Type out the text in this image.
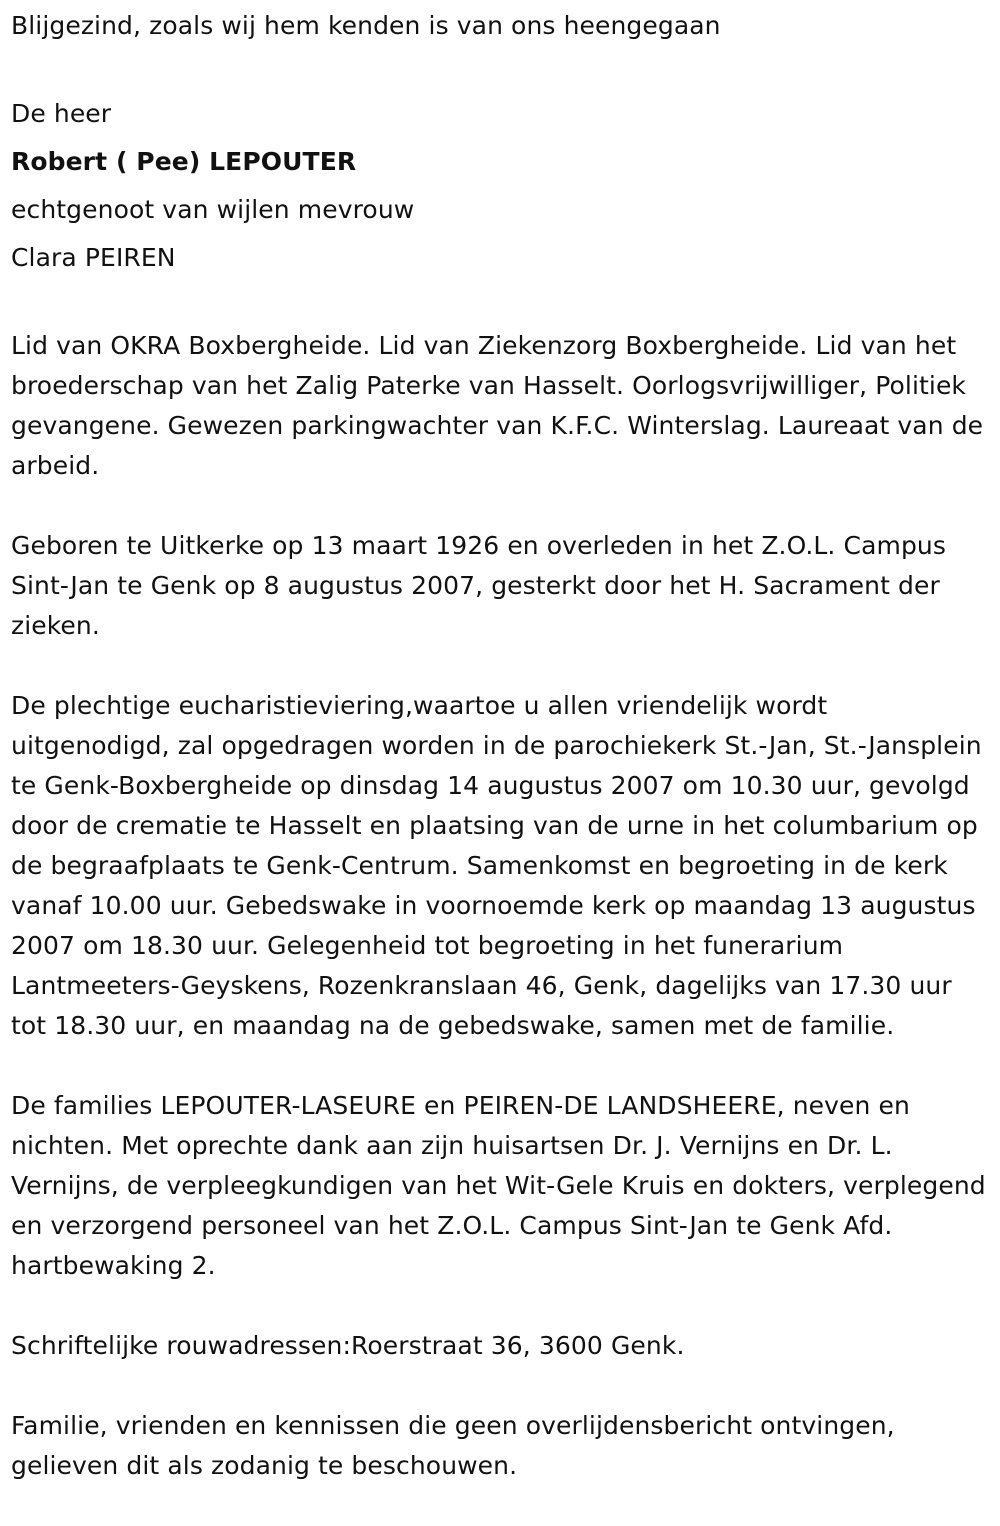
Blijgezind, zoals wij hem kenden is van ons heengegaan

De heer

Robert ( Pee) LEPOUTER

echtgenoot van wijlen mevrouw

Clara PEIREN

Lid van OKRA Boxbergheide. Lid van Ziekenzorg Boxbergheide. Lid van het broederschap van het Zalig Paterke van Hasselt. Oorlogsvrijwilliger, Politiek gevangene. Gewezen parkingwachter van K.F.C. Winterslag. Laureaat van de arbeid.

Geboren te Uitkerke op 13 maart 1926 en overleden in het Z.O.L. Campus Sint-Jan te Genk op 8 augustus 2007, gesterkt door het H. Sacrament der zieken.

De plechtige eucharistieviering,waartoe u allen vriendelijk wordt uitgenodigd, zal opgedragen worden in de parochiekerk St.-Jan, St.-Jansplein te Genk-Boxbergheide op dinsdag 14 augustus 2007 om 10.30 uur, gevolgd door de crematie te Hasselt en plaatsing van de urne in het columbarium op de begraafplaats te Genk-Centrum. Samenkomst en begroeting in de kerk vanaf 10.00 uur. Gebedswake in voornoemde kerk op maandag 13 augustus 2007 om 18.30 uur. Gelegenheid tot begroeting in het funerarium Lantmeeters-Geyskens, Rozenkranslaan 46, Genk, dagelijks van 17.30 uur tot 18.30 uur, en maandag na de gebedswake, samen met de familie.

De families LEPOUTER-LASEURE en PEIREN-DE LANDSHEERE, neven en nichten. Met oprechte dank aan zijn huisartsen Dr. J. Vernijns en Dr. L. Vernijns, de verpleegkundigen van het Wit-Gele Kruis en dokters, verplegend en verzorgend personeel van het Z.O.L. Campus Sint-Jan te Genk Afd. hartbewaking 2.

Schriftelijke rouwadressen:Roerstraat 36, 3600 Genk.

Familie, vrienden en kennissen die geen overlijdensbericht ontvingen, gelieven dit als zodanig te beschouwen.
